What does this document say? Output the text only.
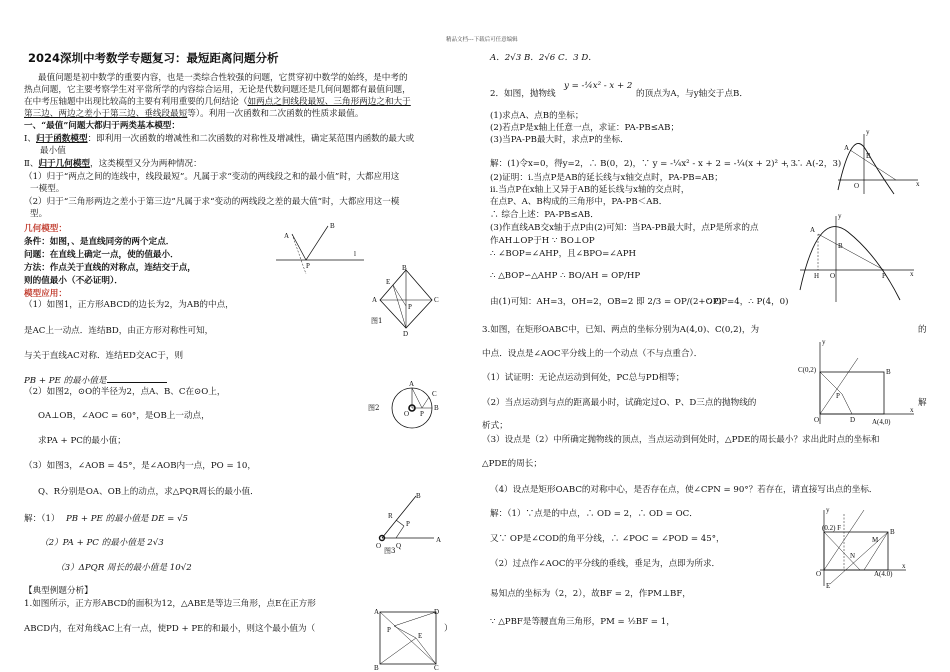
精品文档---下载后可任意编辑
2024深圳中考数学专题复习：最短距离问题分析
最值问题是初中数学的重要内容，也是一类综合性较强的问题，它贯穿初中数学的始终，是中考的
热点问题，它主要考察学生对平常所学的内容综合运用，无论是代数问题还是几何问题都有最值问题，
在中考压轴题中出现比较高的主要有利用重要的几何结论（如两点之间线段最短、三角形两边之和大于
第三边、两边之差小于第三边、垂线段最短等）。利用一次函数和二次函数的性质求最值。
一、“最值”问题大都归于两类基本模型：
Ⅰ、归于函数模型：即利用一次函数的增减性和二次函数的对称性及增减性，确定某范围内函数的最大或
最小值
Ⅱ、归于几何模型，这类模型又分为两种情况：
（1）归于“两点之间的连线中，线段最短”。凡属于求“变动的两线段之和的最小值”时，大都应用这
一模型。
（2）归于“三角形两边之差小于第三边”凡属于求“变动的两线段之差的最大值”时，大都应用这一模
型。
几何模型：
条件：如图，、是直线同旁的两个定点．
问题：在直线上确定一点，使的值最小．
方法：作点关于直线的对称点，连结交于点，
则的值最小（不必证明）．
模型应用：
（1）如图1，正方形ABCD的边长为2，为AB的中点，
是AC上一动点．连结BD，由正方形对称性可知，
与关于直线AC对称．连结ED交AC于，则
PB + PE 的最小值是
（2）如图2，⊙O的半径为2，点A、B、C在⊙O上，
OA⊥OB，∠AOC = 60°，是OB上一动点，
求PA + PC的最小值；
（3）如图3，∠AOB = 45°，是∠AOB内一点，PO = 10，
Q、R分别是OA、OB上的动点，求△PQR周长的最小值．
解：（1） PB + PE 的最小值是 DE = √5
（2）PA + PC 的最小值是 2√3
（3）ΔPQR 周长的最小值是 10√2
【典型例题分析】
1.如图所示，正方形ABCD的面积为12，△ABE是等边三角形，点E在正方形
ABCD内，在对角线AC上有一点，使PD + PE的和最小，则这个最小值为（	）
A
B
P
l
B
A
E
C
P
D
图1
A
O P
C
B
图2
B
R
P
O Q
A
图3
A	D
P
E
B	C
A．2√3 B．2√6 C．3 D．
2．如图，抛物线
y = -¼x² - x + 2
的顶点为A，与y轴交于点B．
(1)求点A、点B的坐标；
(2)若点P是x轴上任意一点，求证：PA-PB≤AB；
(3)当PA-PB最大时，求点P的坐标．
解：(1)令x=0，得y=2，∴ B(0，2)，∵ y = -¼x² - x + 2 = -¼(x + 2)² + 3
，∴ A(-2，3)
(2)证明：ⅰ.当点P是AB的延长线与x轴交点时，PA-PB=AB；
ⅱ.当点P在x轴上又异于AB的延长线与x轴的交点时，
在点P、A、B构成的三角形中，PA-PB＜AB．
∴ 综合上述：PA-PB≤AB．
(3)作直线AB交x轴于点P由(2)可知：当PA-PB最大时，点P是所求的点
作AH⊥OP于H ∵ BO⊥OP
∴ ∠BOP=∠AHP，且∠BPO=∠APH
∴ △BOP∽△AHP ∴ BO/AH = OP/HP
由(1)可知：AH=3，OH=2，OB=2 即 2/3 = OP/(2+OP)
∴ OP=4，∴ P(4，0)
3.如图，在矩形OABC中，已知、两点的坐标分别为A(4,0)、C(0,2)，为	的
中点．设点是∠AOC平分线上的一个动点（不与点重合）．
（1）试证明：无论点运动到何处，PC总与PD相等；
（2）当点运动到与点的距离最小时，试确定过O、P、D三点的抛物线的	解
析式；
（3）设点是（2）中所确定抛物线的顶点，当点运动到何处时，△PDE的周长最小？求出此时点的坐标和
△PDE的周长；
（4）设点是矩形OABC的对称中心，是否存在点，使∠CPN = 90°？若存在，请直接写出点的坐标．
解：（1）∵点是的中点，∴ OD = 2，∴ OD = OC．
又∵ OP是∠COD的角平分线，∴ ∠POC = ∠POD = 45°，
（2）过点作∠AOC的平分线的垂线，垂足为，点即为所求．
易知点的坐标为（2，2），故BF = 2，作PM⊥BF，
∵ △PBF是等腰直角三角形，PM = ½BF = 1，
y
A
B
O	x
y
A
B
H O	P	x
y
C(0,2)	B
P
O	D A(4,0)
x
y
(0.2) F	B
M
N
O
E
A(4.0)
x
